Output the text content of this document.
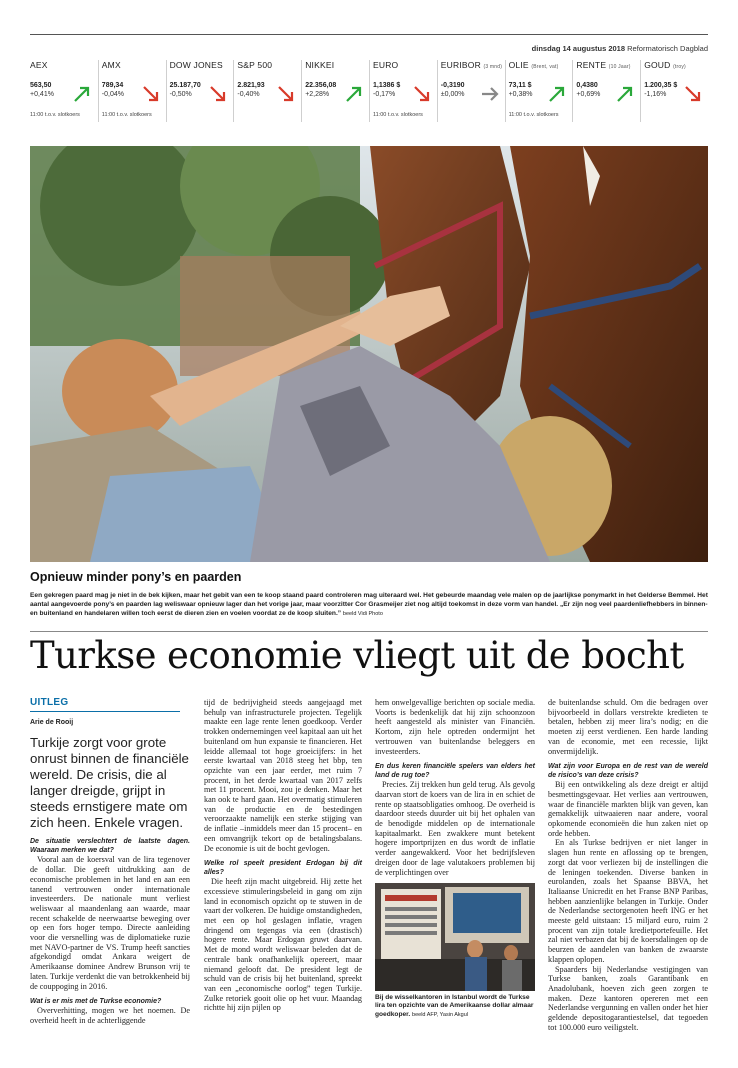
dinsdag 14 augustus 2018 Reformatorisch Dagblad
AEX
563,50
+0,41%
11:00 t.o.v. slotkoers
AMX
789,34
-0,04%
11:00 t.o.v. slotkoers
DOW JONES
25.187,70
-0,50%
S&P 500
2.821,93
-0,40%
NIKKEI
22.356,08
+2,28%
EURO
1,1386 $
-0,17%
11:00 t.o.v. slotkoers
EURIBOR (3 mnd)
-0,3190
±0,00%
OLIE (Brent, vat)
73,11 $
+0,38%
11:00 t.o.v. slotkoers
RENTE (10 Jaar)
0,4380
+0,69%
GOUD (troy)
1.200,35 $
-1,16%
Opnieuw minder pony’s en paarden
Een gekregen paard mag je niet in de bek kijken, maar het gebit van een te koop staand paard controleren mag uiteraard wel. Het gebeurde maandag vele malen op de jaarlijkse ponymarkt in het Gelderse Bemmel. Het aantal aangevoerde pony’s en paarden lag weliswaar opnieuw lager dan het vorige jaar, maar voorzitter Cor Grasmeijer ziet nog altijd toekomst in deze vorm van handel. „Er zijn nog veel paardenliefhebbers in binnen- en buitenland en handelaren willen toch eerst de dieren zien en voelen voordat ze de koop sluiten.” beeld Vidi Photo
Turkse economie vliegt uit de bocht
UITLEG
Arie de Rooij
Turkije zorgt voor grote onrust binnen de financiële wereld. De crisis, die al langer dreigde, grijpt in steeds ernstigere mate om zich heen. Enkele vragen.

De situatie verslechtert de laatste dagen. Waaraan merken we dat?

Vooral aan de koersval van de lira tegenover de dollar. Die geeft uitdrukking aan de economische problemen in het land en aan een tanend vertrouwen onder internationale investeerders. De nationale munt verliest weliswaar al maandenlang aan waarde, maar recent schakelde de neerwaartse beweging over op een fors hoger tempo. Directe aanleiding voor die versnelling was de diplomatieke ruzie met NAVO-partner de VS. Trump heeft sancties afgekondigd omdat Ankara weigert de Amerikaanse dominee Andrew Brunson vrij te laten. Turkije verdenkt die van betrokkenheid bij de couppoging in 2016.

Wat is er mis met de Turkse economie?

Oververhitting, mogen we het noemen. De overheid heeft in de achterliggende

tijd de bedrijvigheid steeds aangejaagd met behulp van infrastructurele projecten. Tegelijk maakte een lage rente lenen goedkoop. Verder trokken ondernemingen veel kapitaal aan uit het buitenland om hun expansie te financieren. Het leidde allemaal tot hoge groeicijfers: in het eerste kwartaal van 2018 steeg het bbp, ten opzichte van een jaar eerder, met ruim 7 procent, in het derde kwartaal van 2017 zelfs met 11 procent. Mooi, zou je denken. Maar het kan ook te hard gaan. Het overmatig stimuleren van de productie en de bestedingen veroorzaakte namelijk een sterke stijging van de inflatie –inmiddels meer dan 15 procent– en een omvangrijk tekort op de betalingsbalans. De economie is uit de bocht gevlogen.

Welke rol speelt president Erdogan bij dit alles?

Die heeft zijn macht uitgebreid. Hij zette het excessieve stimuleringsbeleid in gang om zijn land in economisch opzicht op te stuwen in de vaart der volkeren. De huidige omstandigheden, met een op hol geslagen inflatie, vragen dringend om tegengas via een (drastisch) hogere rente. Maar Erdogan gruwt daarvan. Met de mond wordt weliswaar beleden dat de centrale bank onafhankelijk opereert, maar niemand gelooft dat. De president legt de schuld van de crisis bij het buitenland, spreekt van een „economische oorlog” tegen Turkije. Zulke retoriek gooit olie op het vuur. Maandag richtte hij zijn pijlen op

hem onwelgevallige berichten op sociale media. Voorts is bedenkelijk dat hij zijn schoonzoon heeft aangesteld als minister van Financiën. Kortom, zijn hele optreden ondermijnt het vertrouwen van buitenlandse beleggers en investeerders.

En dus keren financiële spelers van elders het land de rug toe?

Precies. Zij trekken hun geld terug. Als gevolg daarvan stort de koers van de lira in en schiet de rente op staatsobligaties omhoog. De overheid is daardoor steeds duurder uit bij het ophalen van de benodigde middelen op de internationale kapitaalmarkt. Een zwakkere munt betekent hogere importprijzen en dus wordt de inflatie verder aangewakkerd. Voor het bedrijfsleven dreigen door de lage valutakoers problemen bij de verplichtingen over

Bij de wisselkantoren in Istanbul wordt de Turkse lira ten opzichte van de Amerikaanse dollar almaar goedkoper. beeld AFP, Yasin Akgul

de buitenlandse schuld. Om die bedragen over bijvoorbeeld in dollars verstrekte kredieten te betalen, hebben zij meer lira’s nodig; en die moeten zij eerst verdienen. Een harde landing van de economie, met een recessie, lijkt onvermijdelijk.

Wat zijn voor Europa en de rest van de wereld de risico’s van deze crisis?

Bij een ontwikkeling als deze dreigt er altijd besmettingsgevaar. Het verlies aan vertrouwen, waar de financiële markten blijk van geven, kan gemakkelijk uitwaaieren naar andere, vooral opkomende economieën die hun zaken niet op orde hebben.

En als Turkse bedrijven er niet langer in slagen hun rente en aflossing op te brengen, zorgt dat voor verliezen bij de instellingen die de leningen toekenden. Diverse banken in eurolanden, zoals het Spaanse BBVA, het Italiaanse Unicredit en het Franse BNP Paribas, hebben aanzienlijke belangen in Turkije. Onder de Nederlandse sectorgenoten heeft ING er het meeste geld uitstaan: 15 miljard euro, ruim 2 procent van zijn totale kredietportefeuille. Het zal niet verbazen dat bij de koersdalingen op de beurzen de aandelen van banken de zwaarste klappen oplopen.

Spaarders bij Nederlandse vestigingen van Turkse banken, zoals Garantibank en Anadolubank, hoeven zich geen zorgen te maken. Deze kantoren opereren met een Nederlandse vergunning en vallen onder het hier geldende depositogarantiestelsel, dat tegoeden tot 100.000 euro veiligstelt.
